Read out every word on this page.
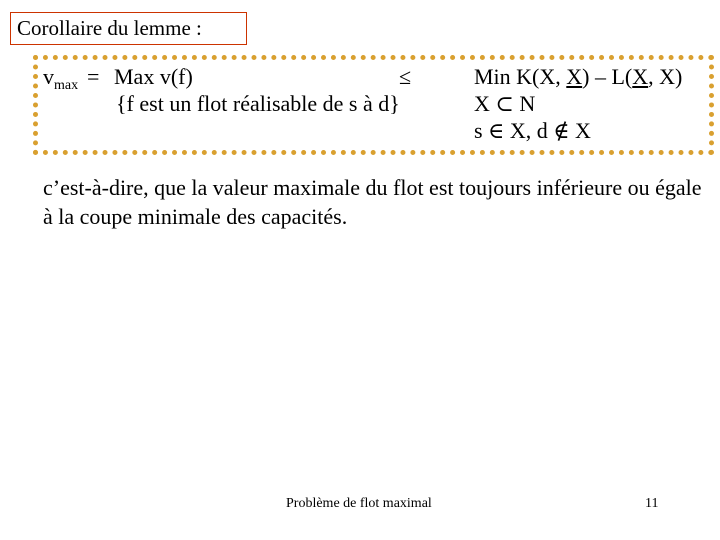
Corollaire du lemme :
$v_{max}$ = Max v(f)
{f est un flot réalisable de s à d}
≤	Min K(X, X) – L(X, X)
X ⊂ N
s ∈ X, d ∉ X
c’est-à-dire, que la valeur maximale du flot est toujours inférieure ou égale à la coupe minimale des capacités.
Problème de flot maximal	11
